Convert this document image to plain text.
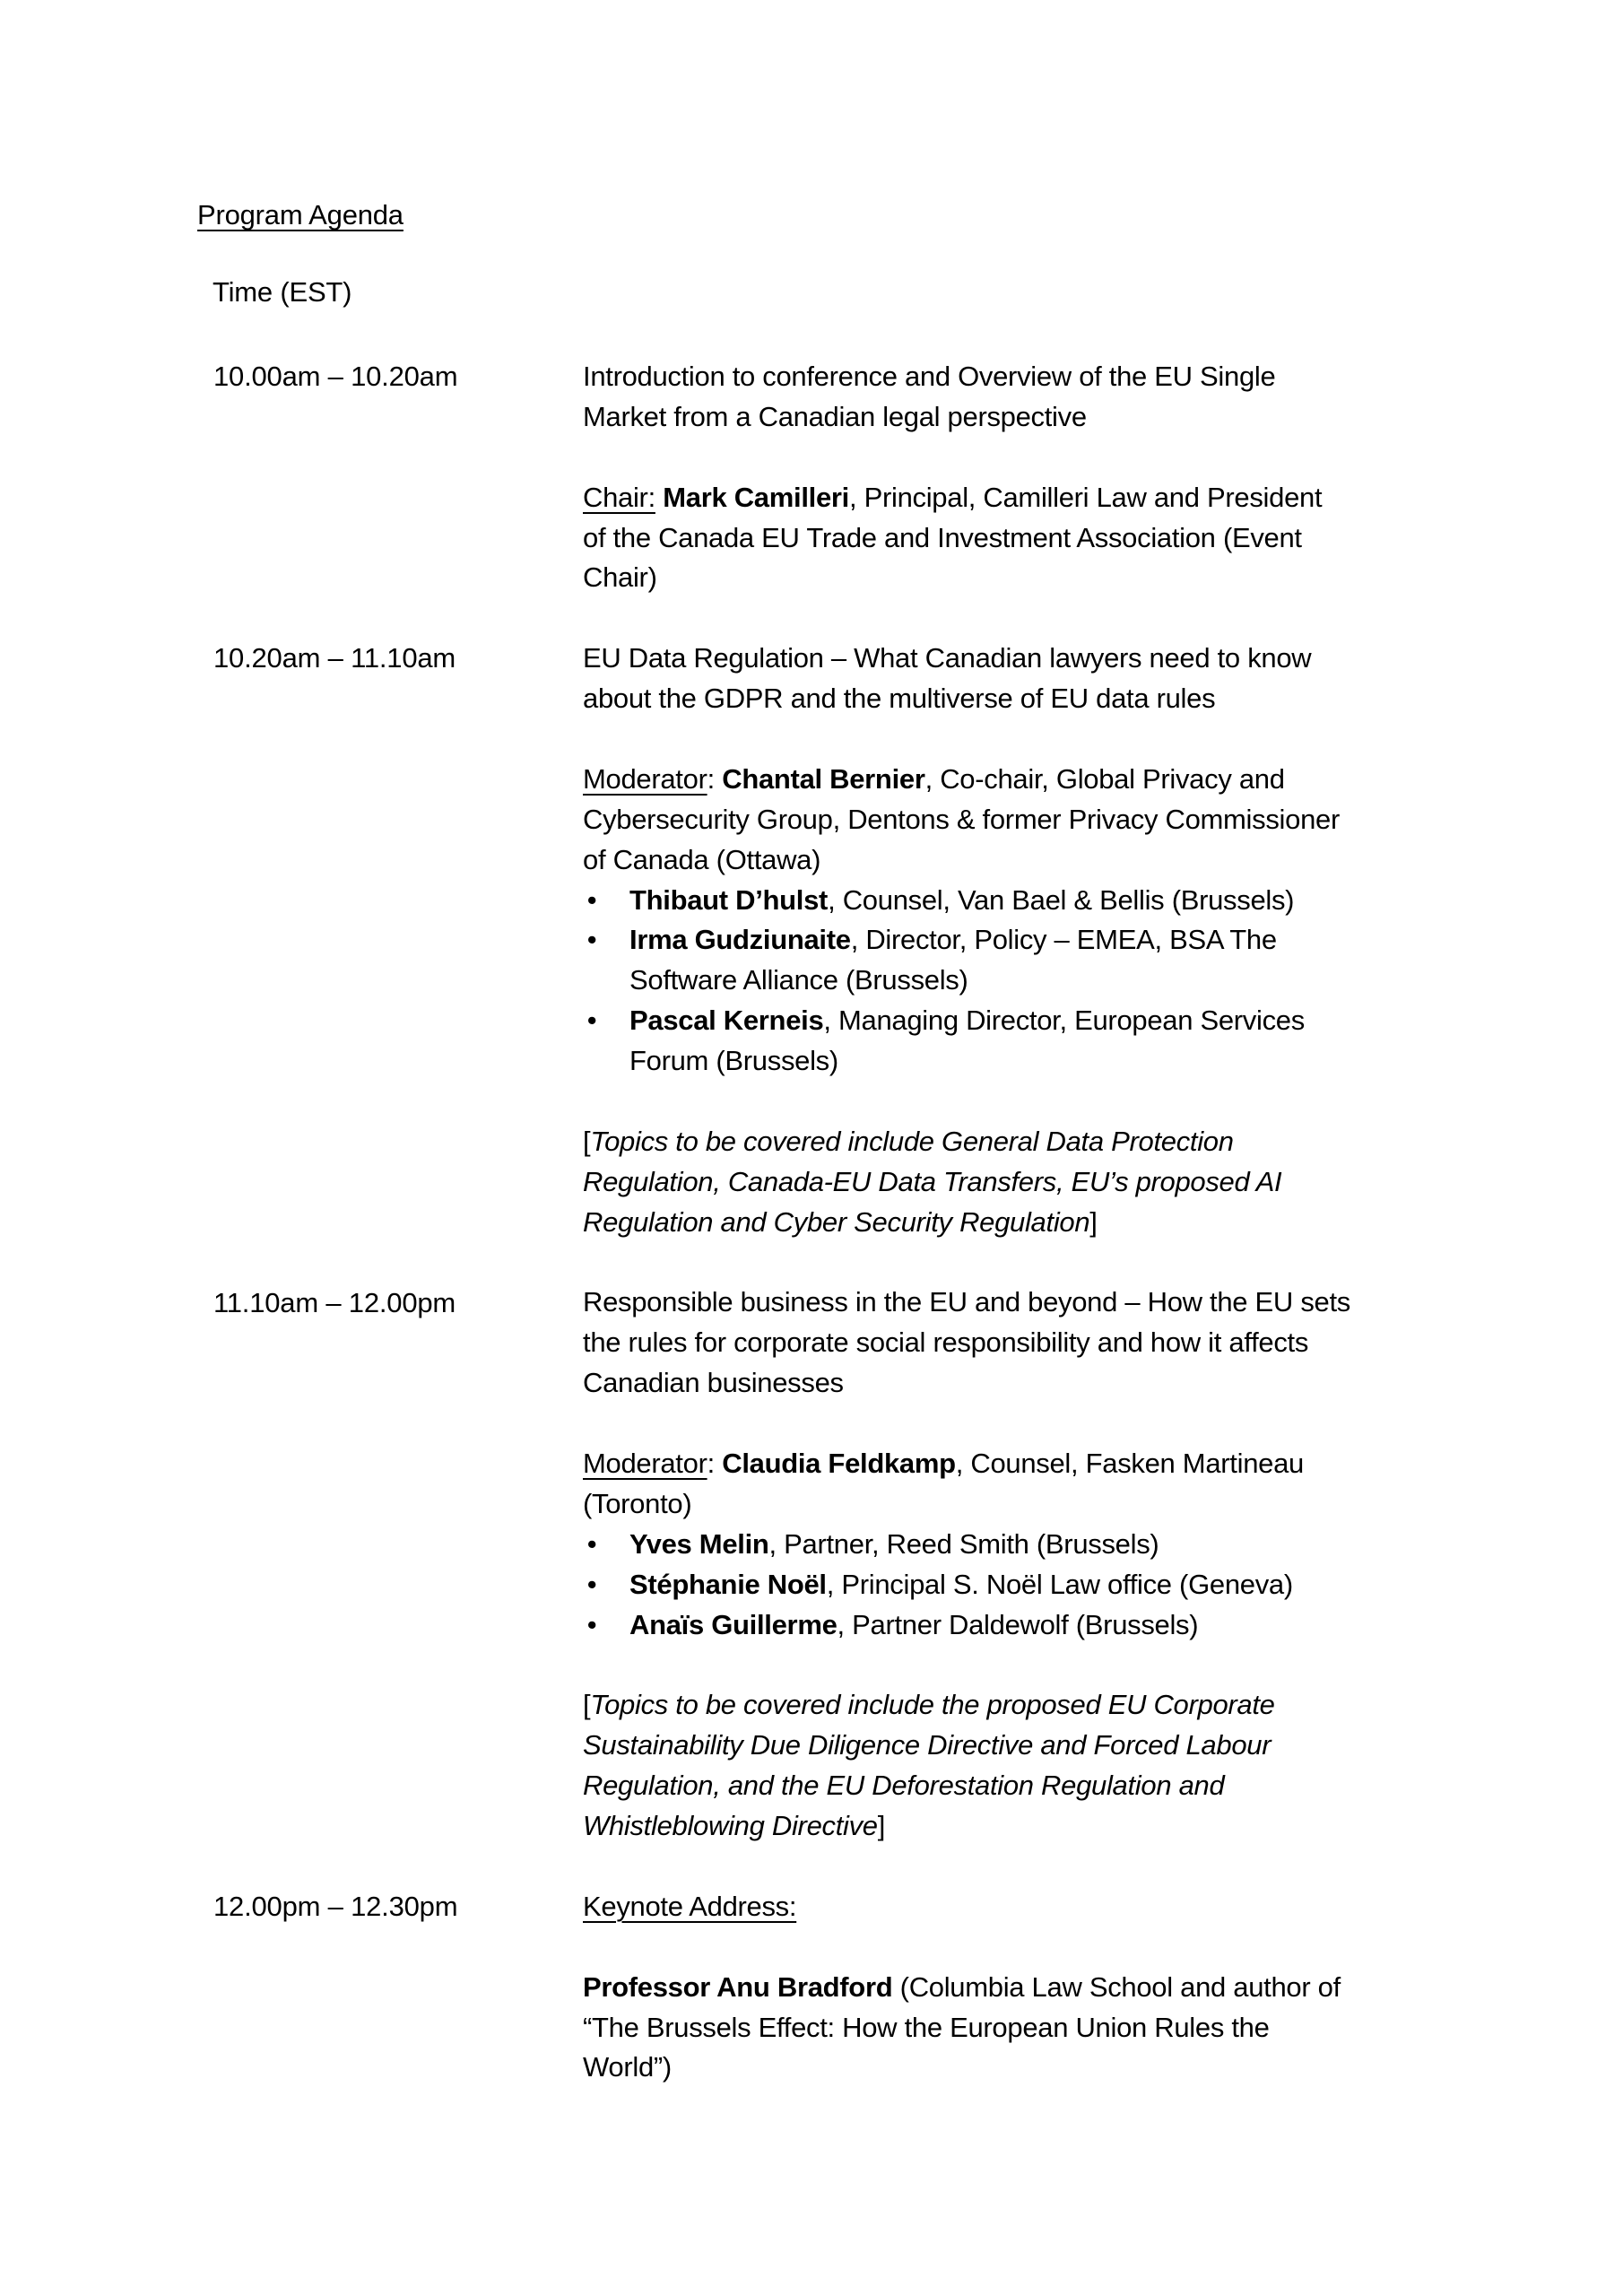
Program Agenda
Time (EST)
10.00am – 10.20am
10.20am – 11.10am
11.10am – 12.00pm
12.00pm – 12.30pm
Introduction to conference and Overview of the EU Single
Market from a Canadian legal perspective
Chair: Mark Camilleri, Principal, Camilleri Law and President
of the Canada EU Trade and Investment Association (Event
Chair)
EU Data Regulation – What Canadian lawyers need to know
about the GDPR and the multiverse of EU data rules
Moderator: Chantal Bernier, Co-chair, Global Privacy and
Cybersecurity Group, Dentons & former Privacy Commissioner
of Canada (Ottawa)
• Thibaut D’hulst, Counsel, Van Bael & Bellis (Brussels)
• Irma Gudziunaite, Director, Policy – EMEA, BSA The
Software Alliance (Brussels)
• Pascal Kerneis, Managing Director, European Services
Forum (Brussels)
[Topics to be covered include General Data Protection
Regulation, Canada-EU Data Transfers, EU’s proposed AI
Regulation and Cyber Security Regulation]
Responsible business in the EU and beyond – How the EU sets
the rules for corporate social responsibility and how it affects
Canadian businesses
Moderator: Claudia Feldkamp, Counsel, Fasken Martineau
(Toronto)
• Yves Melin, Partner, Reed Smith (Brussels)
• Stéphanie Noël, Principal S. Noël Law office (Geneva)
• Anaïs Guillerme, Partner Daldewolf (Brussels)
[Topics to be covered include the proposed EU Corporate
Sustainability Due Diligence Directive and Forced Labour
Regulation, and the EU Deforestation Regulation and
Whistleblowing Directive]
Keynote Address:
Professor Anu Bradford (Columbia Law School and author of
“The Brussels Effect: How the European Union Rules the
World”)
